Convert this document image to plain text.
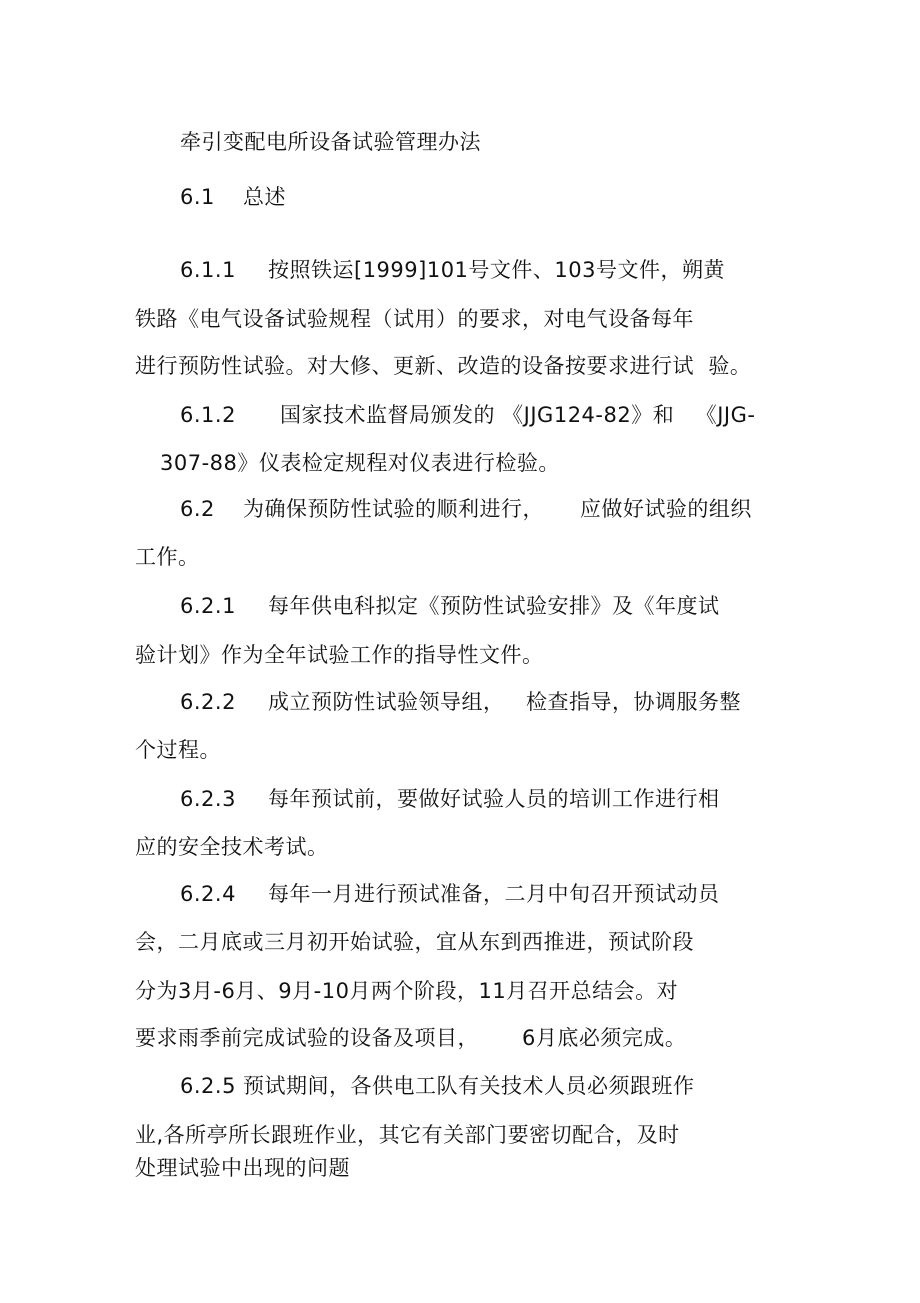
牵引变配电所设备试验管理办法
6.1 总述
6.1.1 按照铁运[1999]101号文件、103号文件，朔黄
铁路《电气设备试验规程（试用）的要求，对电气设备每年
进行预防性试验。对大修、更新、改造的设备按要求进行试  验。
6.1.2 国家技术监督局颁发的 《JJG124-82》和   《JJG-
307-88》仪表检定规程对仪表进行检验。
6.2 为确保预防性试验的顺利进行，     应做好试验的组织
工作。
6.2.1 每年供电科拟定《预防性试验安排》及《年度试
验计划》作为全年试验工作的指导性文件。
6.2.2 成立预防性试验领导组，   检查指导，协调服务整
个过程。
6.2.3 每年预试前，要做好试验人员的培训工作进行相
应的安全技术考试。
6.2.4 每年一月进行预试准备，二月中旬召开预试动员
会，二月底或三月初开始试验，宜从东到西推进，预试阶段
分为3月-6月、9月-10月两个阶段，11月召开总结会。对
要求雨季前完成试验的设备及项目，      6月底必须完成。
6.2.5 预试期间，各供电工队有关技术人员必须跟班作
业,各所亭所长跟班作业，其它有关部门要密切配合，及时
处理试验中出现的问题
